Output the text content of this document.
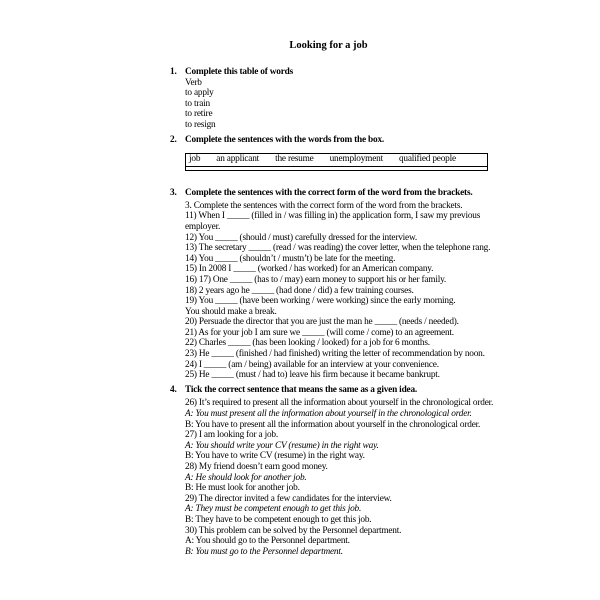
Looking for a job
1. Complete this table of words
Verb
to apply
to train
to retire
to resign
2. Complete the sentences with the words from the box.
job an applicant the resume unemployment qualified people
3. Complete the sentences with the correct form of the word from the brackets.
3. Complete the sentences with the correct form of the word from the brackets.
11) When I _____ (filled in / was filling in) the application form, I saw my previous
employer.
12) You _____ (should / must) carefully dressed for the interview.
13) The secretary _____ (read / was reading) the cover letter, when the telephone rang.
14) You _____ (shouldn’t / mustn’t) be late for the meeting.
15) In 2008 I _____ (worked / has worked) for an American company.
16) 17) One _____ (has to / may) earn money to support his or her family.
18) 2 years ago he _____ (had done / did) a few training courses.
19) You _____ (have been working / were working) since the early morning.
You should make a break.
20) Persuade the director that you are just the man he _____ (needs / needed).
21) As for your job I am sure we _____ (will come / come) to an agreement.
22) Charles _____ (has been looking / looked) for a job for 6 months.
23) He _____ (finished / had finished) writing the letter of recommendation by noon.
24) I _____ (am / being) available for an interview at your convenience.
25) He _____ (must / had to) leave his firm because it became bankrupt.
4. Tick the correct sentence that means the same as a given idea.
26) It’s required to present all the information about yourself in the chronological order.
A: You must present all the information about yourself in the chronological order.
B: You have to present all the information about yourself in the chronological order.
27) I am looking for a job.
A: You should write your CV (resume) in the right way.
B: You have to write CV (resume) in the right way.
28) My friend doesn’t earn good money.
A: He should look for another job.
B: He must look for another job.
29) The director invited a few candidates for the interview.
A: They must be competent enough to get this job.
B: They have to be competent enough to get this job.
30) This problem can be solved by the Personnel department.
A: You should go to the Personnel department.
B: You must go to the Personnel department.
